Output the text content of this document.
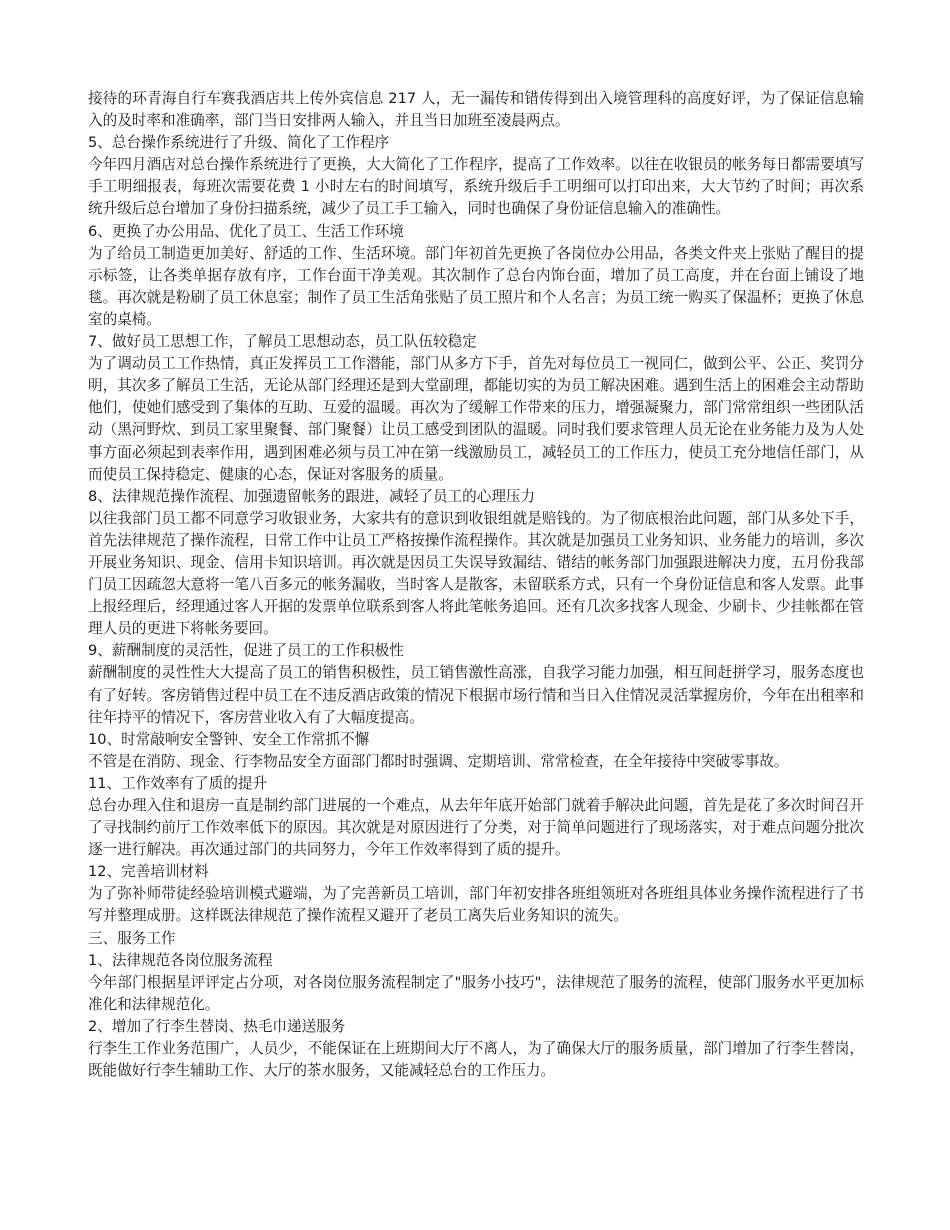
接待的环青海自行车赛我酒店共上传外宾信息 217 人，无一漏传和错传得到出入境管理科的高度好评，为了保证信息输入的及时率和准确率，部门当日安排两人输入，并且当日加班至凌晨两点。

5、总台操作系统进行了升级、简化了工作程序

今年四月酒店对总台操作系统进行了更换，大大简化了工作程序，提高了工作效率。以往在收银员的帐务每日都需要填写手工明细报表，每班次需要花费 1 小时左右的时间填写，系统升级后手工明细可以打印出来，大大节约了时间；再次系统升级后总台增加了身份扫描系统，减少了员工手工输入，同时也确保了身份证信息输入的准确性。

6、更换了办公用品、优化了员工、生活工作环境

为了给员工制造更加美好、舒适的工作、生活环境。部门年初首先更换了各岗位办公用品，各类文件夹上张贴了醒目的提示标签，让各类单据存放有序，工作台面干净美观。其次制作了总台内饰台面，增加了员工高度，并在台面上铺设了地毯。再次就是粉刷了员工休息室；制作了员工生活角张贴了员工照片和个人名言；为员工统一购买了保温杯；更换了休息室的桌椅。

7、做好员工思想工作，了解员工思想动态，员工队伍较稳定

为了调动员工工作热情，真正发挥员工工作潜能，部门从多方下手，首先对每位员工一视同仁，做到公平、公正、奖罚分明，其次多了解员工生活，无论从部门经理还是到大堂副理，都能切实的为员工解决困难。遇到生活上的困难会主动帮助他们，使她们感受到了集体的互助、互爱的温暖。再次为了缓解工作带来的压力，增强凝聚力，部门常常组织一些团队活动（黑河野炊、到员工家里聚餐、部门聚餐）让员工感受到团队的温暖。同时我们要求管理人员无论在业务能力及为人处事方面必须起到表率作用，遇到困难必须与员工冲在第一线激励员工，减轻员工的工作压力，使员工充分地信任部门，从而使员工保持稳定、健康的心态，保证对客服务的质量。

8、法律规范操作流程、加强遗留帐务的跟进，减轻了员工的心理压力

以往我部门员工都不同意学习收银业务，大家共有的意识到收银组就是赔钱的。为了彻底根治此问题，部门从多处下手，首先法律规范了操作流程，日常工作中让员工严格按操作流程操作。其次就是加强员工业务知识、业务能力的培训，多次开展业务知识、现金、信用卡知识培训。再次就是因员工失误导致漏结、错结的帐务部门加强跟进解决力度，五月份我部门员工因疏忽大意将一笔八百多元的帐务漏收，当时客人是散客，未留联系方式，只有一个身份证信息和客人发票。此事上报经理后，经理通过客人开据的发票单位联系到客人将此笔帐务追回。还有几次多找客人现金、少刷卡、少挂帐都在管理人员的更进下将帐务要回。

9、薪酬制度的灵活性，促进了员工的工作积极性

薪酬制度的灵性性大大提高了员工的销售积极性，员工销售激性高涨，自我学习能力加强，相互间赶拼学习，服务态度也有了好转。客房销售过程中员工在不违反酒店政策的情况下根据市场行情和当日入住情况灵活掌握房价，今年在出租率和往年持平的情况下，客房营业收入有了大幅度提高。

10、时常敲响安全警钟、安全工作常抓不懈

不管是在消防、现金、行李物品安全方面部门都时时强调、定期培训、常常检查，在全年接待中突破零事故。

11、工作效率有了质的提升

总台办理入住和退房一直是制约部门进展的一个难点，从去年年底开始部门就着手解决此问题，首先是花了多次时间召开了寻找制约前厅工作效率低下的原因。其次就是对原因进行了分类，对于简单问题进行了现场落实，对于难点问题分批次逐一进行解决。再次通过部门的共同努力，今年工作效率得到了质的提升。

12、完善培训材料

为了弥补师带徒经验培训模式避端，为了完善新员工培训，部门年初安排各班组领班对各班组具体业务操作流程进行了书写并整理成册。这样既法律规范了操作流程又避开了老员工离失后业务知识的流失。

三、服务工作

1、法律规范各岗位服务流程

今年部门根据星评评定占分项，对各岗位服务流程制定了"服务小技巧"，法律规范了服务的流程，使部门服务水平更加标准化和法律规范化。

2、增加了行李生替岗、热毛巾递送服务

行李生工作业务范围广，人员少，不能保证在上班期间大厅不离人，为了确保大厅的服务质量，部门增加了行李生替岗，既能做好行李生辅助工作、大厅的茶水服务，又能减轻总台的工作压力。
